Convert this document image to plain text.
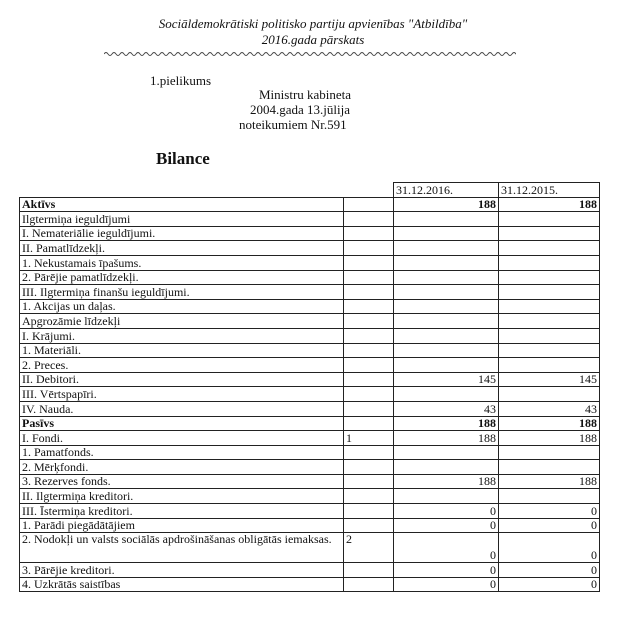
Sociāldemokrātiski politisko partiju apvienības "Atbildība"
2016.gada pārskats
1.pielikums
Ministru kabineta
2004.gada 13.jūlija
noteikumiem Nr.591
Bilance
		31.12.2016.	31.12.2015.
Aktīvs		188	188
Ilgtermiņa ieguldījumi			
I. Nemateriālie ieguldījumi.			
II. Pamatlīdzekļi.			
1. Nekustamais īpašums.			
2. Pārējie pamatlīdzekļi.			
III. Ilgtermiņa finanšu ieguldījumi.			
1. Akcijas un daļas.			
Apgrozāmie līdzekļi			
I. Krājumi.			
1. Materiāli.			
2. Preces.			
II. Debitori.		145	145
III. Vērtspapīri.			
IV. Nauda.		43	43
Pasīvs		188	188
I. Fondi.	1	188	188
1. Pamatfonds.			
2. Mērķfondi.			
3. Rezerves fonds.		188	188
II. Ilgtermiņa kreditori.			
III. Īstermiņa kreditori.		0	0
1. Parādi piegādātājiem		0	0
2. Nodokļi un valsts sociālās apdrošināšanas obligātās iemaksas.	2	0	0
3. Pārējie kreditori.		0	0
4. Uzkrātās saistības		0	0
